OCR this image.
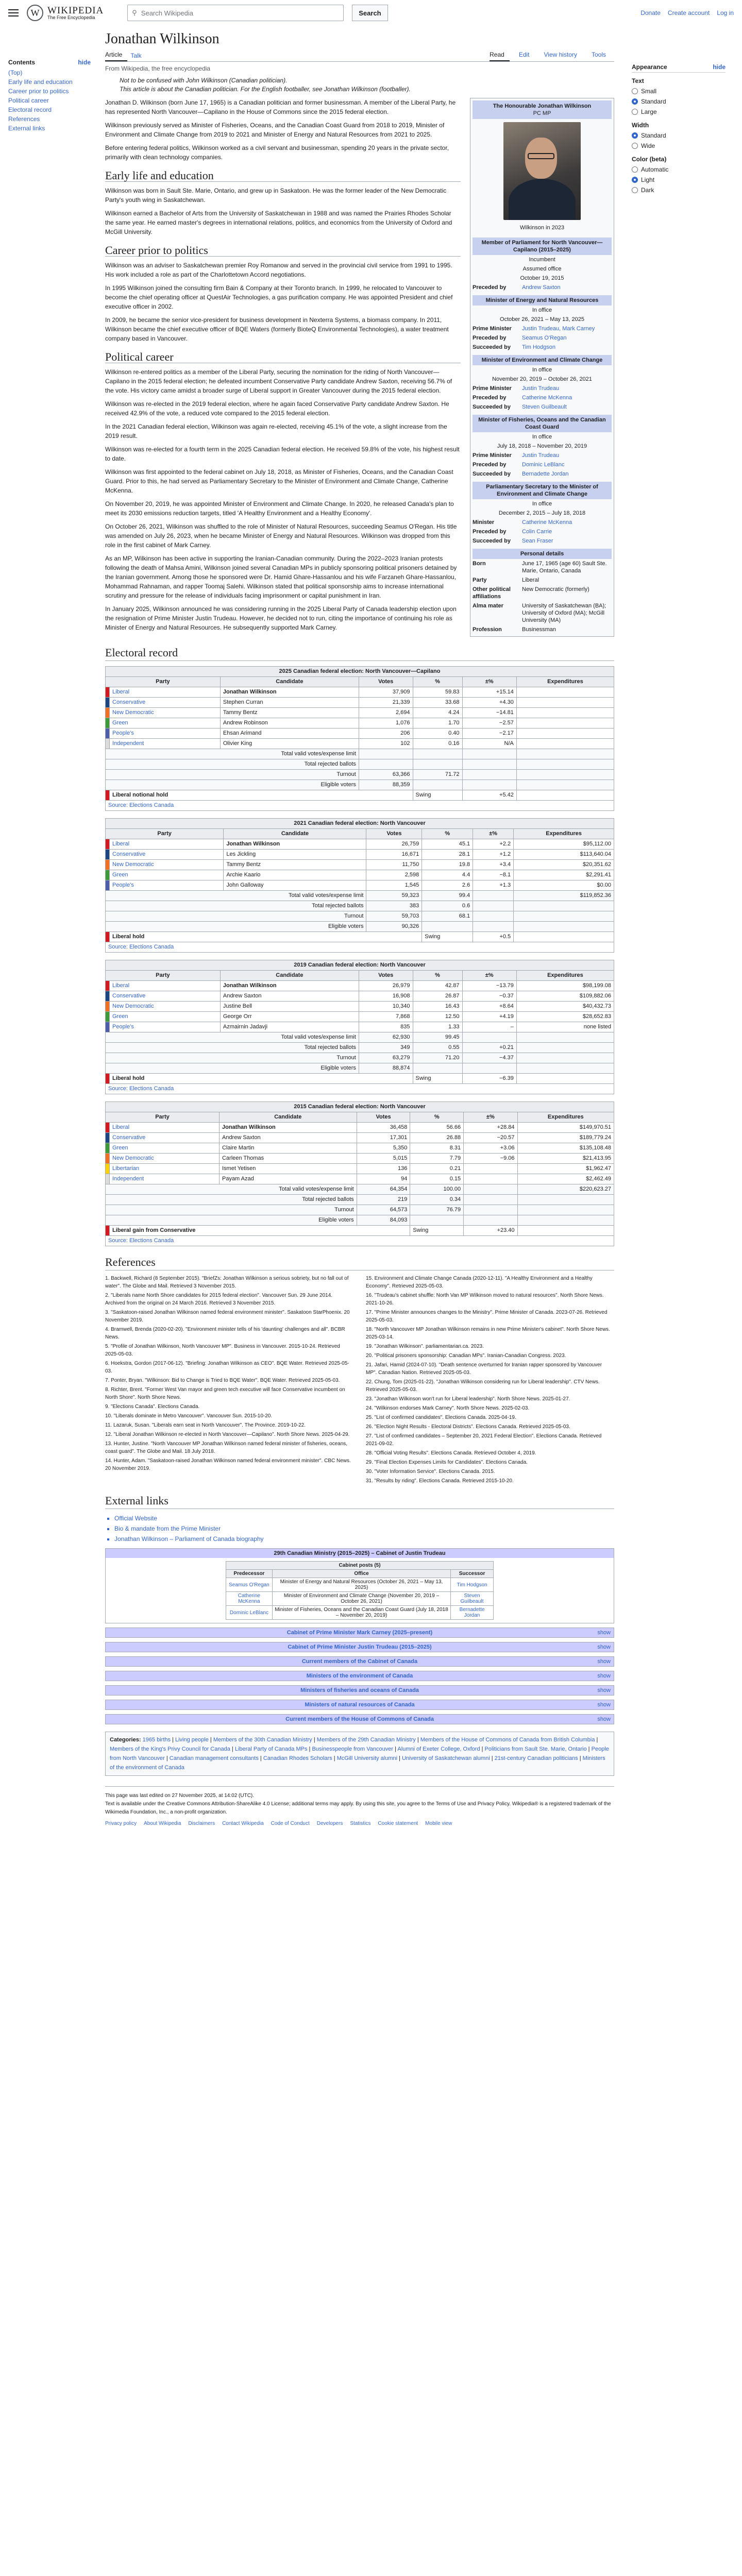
W WIKIPEDIA
The Free Encyclopedia
⚲ Search Wikipedia	Search	Donate Create account Log in
Contents	hide
(Top)
Early life and education
Career prior to politics
Political career
Electoral record
References
External links
Jonathan Wilkinson
Article	Talk	Read	Edit	View history	Tools
From Wikipedia, the free encyclopedia
Not to be confused with John Wilkinson (Canadian politician).
This article is about the Canadian politician. For the English footballer, see Jonathan Wilkinson (footballer).

Jonathan D. Wilkinson (born June 17, 1965) is a Canadian politician and former businessman. A member of the Liberal Party, he has represented North Vancouver—Capilano in the House of Commons since the 2015 federal election.

Wilkinson previously served as Minister of Fisheries, Oceans, and the Canadian Coast Guard from 2018 to 2019, Minister of Environment and Climate Change from 2019 to 2021 and Minister of Energy and Natural Resources from 2021 to 2025.

Before entering federal politics, Wilkinson worked as a civil servant and businessman, spending 20 years in the private sector, primarily with clean technology companies.

Early life and education

Wilkinson was born in Sault Ste. Marie, Ontario, and grew up in Saskatoon. He was the former leader of the New Democratic Party's youth wing in Saskatchewan.

Wilkinson earned a Bachelor of Arts from the University of Saskatchewan in 1988 and was named the Prairies Rhodes Scholar the same year. He earned master's degrees in international relations, politics, and economics from the University of Oxford and McGill University.

Career prior to politics

Wilkinson was an adviser to Saskatchewan premier Roy Romanow and served in the provincial civil service from 1991 to 1995. His work included a role as part of the Charlottetown Accord negotiations.

In 1995 Wilkinson joined the consulting firm Bain & Company at their Toronto branch. In 1999, he relocated to Vancouver to become the chief operating officer at QuestAir Technologies, a gas purification company. He was appointed President and chief executive officer in 2002.

In 2009, he became the senior vice-president for business development in Nexterra Systems, a biomass company. In 2011, Wilkinson became the chief executive officer of BQE Waters (formerly BioteQ Environmental Technologies), a water treatment company based in Vancouver.

Political career

Wilkinson re-entered politics as a member of the Liberal Party, securing the nomination for the riding of North Vancouver—Capilano in the 2015 federal election; he defeated incumbent Conservative Party candidate Andrew Saxton, receiving 56.7% of the vote. His victory came amidst a broader surge of Liberal support in Greater Vancouver during the 2015 federal election.

Wilkinson was re-elected in the 2019 federal election, where he again faced Conservative Party candidate Andrew Saxton. He received 42.9% of the vote, a reduced vote compared to the 2015 federal election.

In the 2021 Canadian federal election, Wilkinson was again re-elected, receiving 45.1% of the vote, a slight increase from the 2019 result.

Wilkinson was re-elected for a fourth term in the 2025 Canadian federal election. He received 59.8% of the vote, his highest result to date.

Wilkinson was first appointed to the federal cabinet on July 18, 2018, as Minister of Fisheries, Oceans, and the Canadian Coast Guard. Prior to this, he had served as Parliamentary Secretary to the Minister of Environment and Climate Change, Catherine McKenna.

On November 20, 2019, he was appointed Minister of Environment and Climate Change. In 2020, he released Canada's plan to meet its 2030 emissions reduction targets, titled 'A Healthy Environment and a Healthy Economy'.

On October 26, 2021, Wilkinson was shuffled to the role of Minister of Natural Resources, succeeding Seamus O'Regan. His title was amended on July 26, 2023, when he became Minister of Energy and Natural Resources. Wilkinson was dropped from this role in the first cabinet of Mark Carney.

As an MP, Wilkinson has been active in supporting the Iranian-Canadian community. During the 2022–2023 Iranian protests following the death of Mahsa Amini, Wilkinson joined several Canadian MPs in publicly sponsoring political prisoners detained by the Iranian government. Among those he sponsored were Dr. Hamid Ghare-Hassanlou and his wife Farzaneh Ghare-Hassanlou, Mohammad Rahnaman, and rapper Toomaj Salehi. Wilkinson stated that political sponsorship aims to increase international scrutiny and pressure for the release of individuals facing imprisonment or capital punishment in Iran.

In January 2025, Wilkinson announced he was considering running in the 2025 Liberal Party of Canada leadership election upon the resignation of Prime Minister Justin Trudeau. However, he decided not to run, citing the importance of continuing his role as Minister of Energy and Natural Resources. He subsequently supported Mark Carney.

The Honourable Jonathan Wilkinson
PC MP
Wilkinson in 2023
Member of Parliament for North Vancouver—Capilano (2015–2025)
Incumbent
Assumed office
October 19, 2015
Preceded by	Andrew Saxton
Minister of Energy and Natural Resources
In office
October 26, 2021 – May 13, 2025
Prime Minister	Justin Trudeau, Mark Carney
Preceded by	Seamus O'Regan
Succeeded by	Tim Hodgson
Minister of Environment and Climate Change
In office
November 20, 2019 – October 26, 2021
Prime Minister	Justin Trudeau
Preceded by	Catherine McKenna
Succeeded by	Steven Guilbeault
Minister of Fisheries, Oceans and the Canadian Coast Guard
In office
July 18, 2018 – November 20, 2019
Prime Minister	Justin Trudeau
Preceded by	Dominic LeBlanc
Succeeded by	Bernadette Jordan
Parliamentary Secretary to the Minister of Environment and Climate Change
In office
December 2, 2015 – July 18, 2018
Minister	Catherine McKenna
Preceded by	Colin Carrie
Succeeded by	Sean Fraser
Personal details
Born	June 17, 1965 (age 60) Sault Ste. Marie, Ontario, Canada
Party	Liberal
Other political affiliations
New Democratic (formerly)
Alma mater	University of Saskatchewan (BA); University of Oxford (MA); McGill University (MA)
Profession	Businessman
Electoral record
2025 Canadian federal election: North Vancouver—Capilano						
Party		Candidate	Votes	%	±%	Expenditures
	Liberal	Jonathan Wilkinson	37,909	59.83	+15.14	
	Conservative	Stephen Curran	21,339	33.68	+4.30	
	New Democratic	Tammy Bentz	2,694	4.24	−14.81	
	Green	Andrew Robinson	1,076	1.70	−2.57	
	People's	Ehsan Arimand	206	0.40	−2.17	
	Independent	Olivier King	102	0.16	N/A	
Total valid votes/expense limit						
Total rejected ballots						
Turnout			63,366	71.72		
Eligible voters			88,359			
	Liberal notional hold			Swing	+5.42	
Source: Elections Canada						
2021 Canadian federal election: North Vancouver						
Party		Candidate	Votes	%	±%	Expenditures
	Liberal	Jonathan Wilkinson	26,759	45.1	+2.2	$95,112.00
	Conservative	Les Jickling	16,671	28.1	+1.2	$113,640.04
	New Democratic	Tammy Bentz	11,750	19.8	+3.4	$20,351.62
	Green	Archie Kaario	2,598	4.4	−8.1	$2,291.41
	People's	John Galloway	1,545	2.6	+1.3	$0.00
Total valid votes/expense limit			59,323	99.4		$119,852.36
Total rejected ballots			383	0.6		
Turnout			59,703	68.1		
Eligible voters			90,326			
	Liberal hold			Swing	+0.5	
Source: Elections Canada						
2019 Canadian federal election: North Vancouver						
Party		Candidate	Votes	%	±%	Expenditures
	Liberal	Jonathan Wilkinson	26,979	42.87	−13.79	$98,199.08
	Conservative	Andrew Saxton	16,908	26.87	−0.37	$109,882.06
	New Democratic	Justine Bell	10,340	16.43	+8.64	$40,432.73
	Green	George Orr	7,868	12.50	+4.19	$28,652.83
	People's	Azmairnin Jadavji	835	1.33	–	none listed
Total valid votes/expense limit			62,930	99.45		
Total rejected ballots			349	0.55	+0.21	
Turnout			63,279	71.20	−4.37	
Eligible voters			88,874			
	Liberal hold			Swing	−6.39	
Source: Elections Canada						
2015 Canadian federal election: North Vancouver						
Party		Candidate	Votes	%	±%	Expenditures
	Liberal	Jonathan Wilkinson	36,458	56.66	+28.84	$149,970.51
	Conservative	Andrew Saxton	17,301	26.88	−20.57	$189,779.24
	Green	Claire Martin	5,350	8.31	+3.06	$135,108.48
	New Democratic	Carleen Thomas	5,015	7.79	−9.06	$21,413.95
	Libertarian	Ismet Yetisen	136	0.21		$1,962.47
	Independent	Payam Azad	94	0.15		$2,462.49
Total valid votes/expense limit			64,354	100.00		$220,623.27
Total rejected ballots			219	0.34		
Turnout			64,573	76.79		
Eligible voters			84,093			
	Liberal gain from Conservative			Swing	+23.40	
Source: Elections Canada						
References
1. Backwell, Richard (8 September 2015). "BriefZs: Jonathan Wilkinson a serious sobriety, but no fall out of water". The Globe and Mail. Retrieved 3 November 2015.
2. "Liberals name North Shore candidates for 2015 federal election". Vancouver Sun. 29 June 2014. Archived from the original on 24 March 2016. Retrieved 3 November 2015.
3. "Saskatoon-raised Jonathan Wilkinson named federal environment minister". Saskatoon StarPhoenix. 20 November 2019.
4. Bramwell, Brenda (2020-02-20). "Environment minister tells of his 'daunting' challenges and all". BCBR News.
5. "Profile of Jonathan Wilkinson, North Vancouver MP". Business in Vancouver. 2015-10-24. Retrieved 2025-05-03.
6. Hoekstra, Gordon (2017-06-12). "Briefing: Jonathan Wilkinson as CEO". BQE Water. Retrieved 2025-05-03.
7. Ponter, Bryan. "Wilkinson: Bid to Change is Tried to BQE Water". BQE Water. Retrieved 2025-05-03.
8. Richter, Brent. "Former West Van mayor and green tech executive will face Conservative incumbent on North Shore". North Shore News.
9. "Elections Canada". Elections Canada.
10. "Liberals dominate in Metro Vancouver". Vancouver Sun. 2015-10-20.
11. Lazaruk, Susan. "Liberals earn seat in North Vancouver". The Province. 2019-10-22.
12. "Liberal Jonathan Wilkinson re-elected in North Vancouver—Capilano". North Shore News. 2025-04-29.
13. Hunter, Justine. "North Vancouver MP Jonathan Wilkinson named federal minister of fisheries, oceans, coast guard". The Globe and Mail. 18 July 2018.
14. Hunter, Adam. "Saskatoon-raised Jonathan Wilkinson named federal environment minister". CBC News. 20 November 2019.
15. Environment and Climate Change Canada (2020-12-11). "A Healthy Environment and a Healthy Economy". Retrieved 2025-05-03.
16. "Trudeau's cabinet shuffle: North Van MP Wilkinson moved to natural resources". North Shore News. 2021-10-26.
17. "Prime Minister announces changes to the Ministry". Prime Minister of Canada. 2023-07-26. Retrieved 2025-05-03.
18. "North Vancouver MP Jonathan Wilkinson remains in new Prime Minister's cabinet". North Shore News. 2025-03-14.
19. "Jonathan Wilkinson". parliamentarian.ca. 2023.
20. "Political prisoners sponsorship: Canadian MPs". Iranian-Canadian Congress. 2023.
21. Jafari, Hamid (2024-07-10). "Death sentence overturned for Iranian rapper sponsored by Vancouver MP". Canadian Nation. Retrieved 2025-05-03.
22. Chung, Tom (2025-01-22). "Jonathan Wilkinson considering run for Liberal leadership". CTV News. Retrieved 2025-05-03.
23. "Jonathan Wilkinson won't run for Liberal leadership". North Shore News. 2025-01-27.
24. "Wilkinson endorses Mark Carney". North Shore News. 2025-02-03.
25. "List of confirmed candidates". Elections Canada. 2025-04-19.
26. "Election Night Results - Electoral Districts". Elections Canada. Retrieved 2025-05-03.
27. "List of confirmed candidates – September 20, 2021 Federal Election". Elections Canada. Retrieved 2021-09-02.
28. "Official Voting Results". Elections Canada. Retrieved October 4, 2019.
29. "Final Election Expenses Limits for Candidates". Elections Canada.
30. "Voter Information Service". Elections Canada. 2015.
31. "Results by riding". Elections Canada. Retrieved 2015-10-20.
External links
▪ Official Website
▪ Bio & mandate from the Prime Minister
▪ Jonathan Wilkinson – Parliament of Canada biography
29th Canadian Ministry (2015–2025) – Cabinet of Justin Trudeau
Cabinet posts (5)		
Predecessor	Office	Successor
Seamus O'Regan	Minister of Energy and Natural Resources (October 26, 2021 – May 13, 2025)	Tim Hodgson
Catherine McKenna	Minister of Environment and Climate Change (November 20, 2019 – October 26, 2021)	Steven Guilbeault
Dominic LeBlanc	Minister of Fisheries, Oceans and the Canadian Coast Guard (July 18, 2018 – November 20, 2019)	Bernadette Jordan
Cabinet of Prime Minister Mark Carney (2025–present)	show
Cabinet of Prime Minister Justin Trudeau (2015–2025)	show
Current members of the Cabinet of Canada	show
Ministers of the environment of Canada	show
Ministers of fisheries and oceans of Canada	show
Ministers of natural resources of Canada	show
Current members of the House of Commons of Canada	show
Categories: 1965 births | Living people | Members of the 30th Canadian Ministry | Members of the 29th Canadian Ministry | Members of the House of Commons of Canada from British Columbia | Members of the King's Privy Council for Canada | Liberal Party of Canada MPs | Businesspeople from Vancouver | Alumni of Exeter College, Oxford | Politicians from Sault Ste. Marie, Ontario | People from North Vancouver | Canadian management consultants | Canadian Rhodes Scholars | McGill University alumni | University of Saskatchewan alumni | 21st-century Canadian politicians | Ministers of the environment of Canada
This page was last edited on 27 November 2025, at 14:02 (UTC).
Text is available under the Creative Commons Attribution-ShareAlike 4.0 License; additional terms may apply. By using this site, you agree to the Terms of Use and Privacy Policy. Wikipedia® is a registered trademark of the Wikimedia Foundation, Inc., a non-profit organization.
Privacy policy About Wikipedia Disclaimers Contact Wikipedia Code of Conduct Developers Statistics Cookie statement Mobile view
Appearance	hide
Text
Small
Standard
Large
Width
Standard
Wide
Color (beta)
Automatic
Light
Dark
